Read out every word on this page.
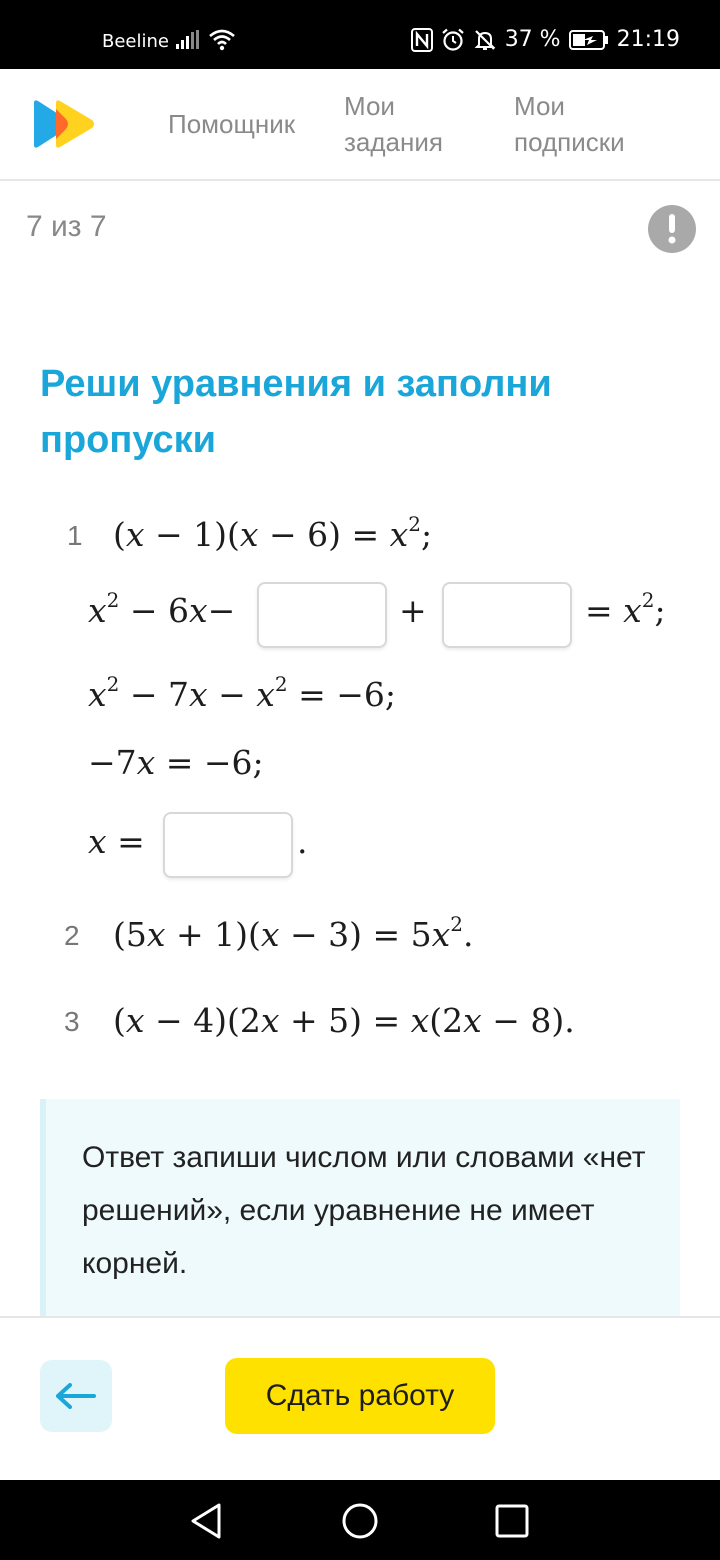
Beeline	37 %	21:19
Помощник
Мои задания
Мои подписки
7 из 7
Реши уравнения и заполни пропуски
1 $(x - 1)(x - 6) = x^2$;
$x^2 - 6x-$	+	= $x^2$;
$x^2 - 7x - x^2 = -6$;
−7x = −6;
x =	.
2 $(5x + 1)(x - 3) = 5x^2$.
3 (x − 4)(2x + 5) = x(2x − 8).
Ответ запиши числом или словами «нет решений», если уравнение не имеет корней.
Сдать работу
